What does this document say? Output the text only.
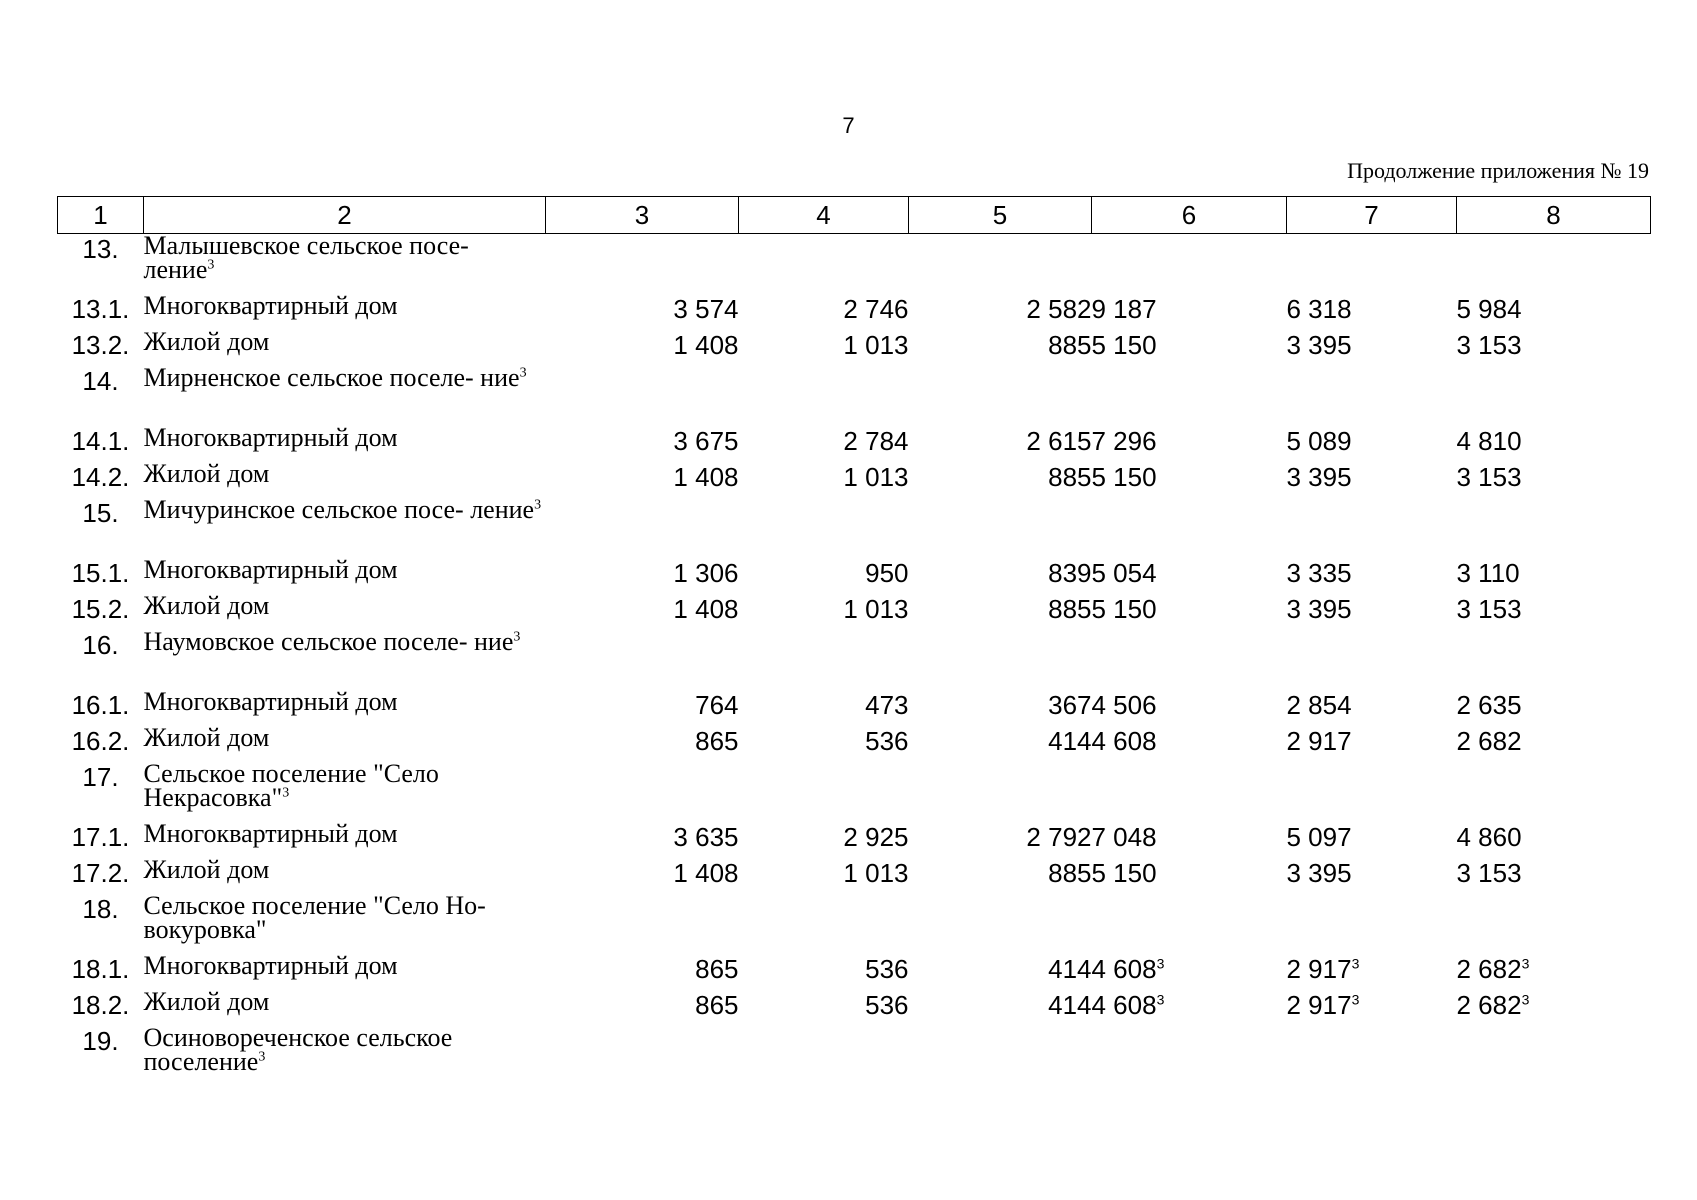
7
Продолжение приложения № 19
1	2	3	4	5	6	7	8
13.	Малышевское сельское посе- ление$^3$						
13.1.	Многоквартирный дом	3 574	2 746	2 582	9 187	6 318	5 984
13.2.	Жилой дом	1 408	1 013	885	5 150	3 395	3 153
14.	Мирненское сельское поселе- ние$^3$						
14.1.	Многоквартирный дом	3 675	2 784	2 615	7 296	5 089	4 810
14.2.	Жилой дом	1 408	1 013	885	5 150	3 395	3 153
15.	Мичуринское сельское посе- ление$^3$						
15.1.	Многоквартирный дом	1 306	950	839	5 054	3 335	3 110
15.2.	Жилой дом	1 408	1 013	885	5 150	3 395	3 153
16.	Наумовское сельское поселе- ние$^3$						
16.1.	Многоквартирный дом	764	473	367	4 506	2 854	2 635
16.2.	Жилой дом	865	536	414	4 608	2 917	2 682
17.	Сельское поселение "Село Некрасовка"$^3$						
17.1.	Многоквартирный дом	3 635	2 925	2 792	7 048	5 097	4 860
17.2.	Жилой дом	1 408	1 013	885	5 150	3 395	3 153
18.	Сельское поселение "Село Но- вокуровка"						
18.1.	Многоквартирный дом	865	536	414	4 $608^3$	2 $917^3$	2 $682^3$
18.2.	Жилой дом	865	536	414	4 $608^3$	2 $917^3$	2 $682^3$
19.	Осиновореченское сельское поселение$^3$						
